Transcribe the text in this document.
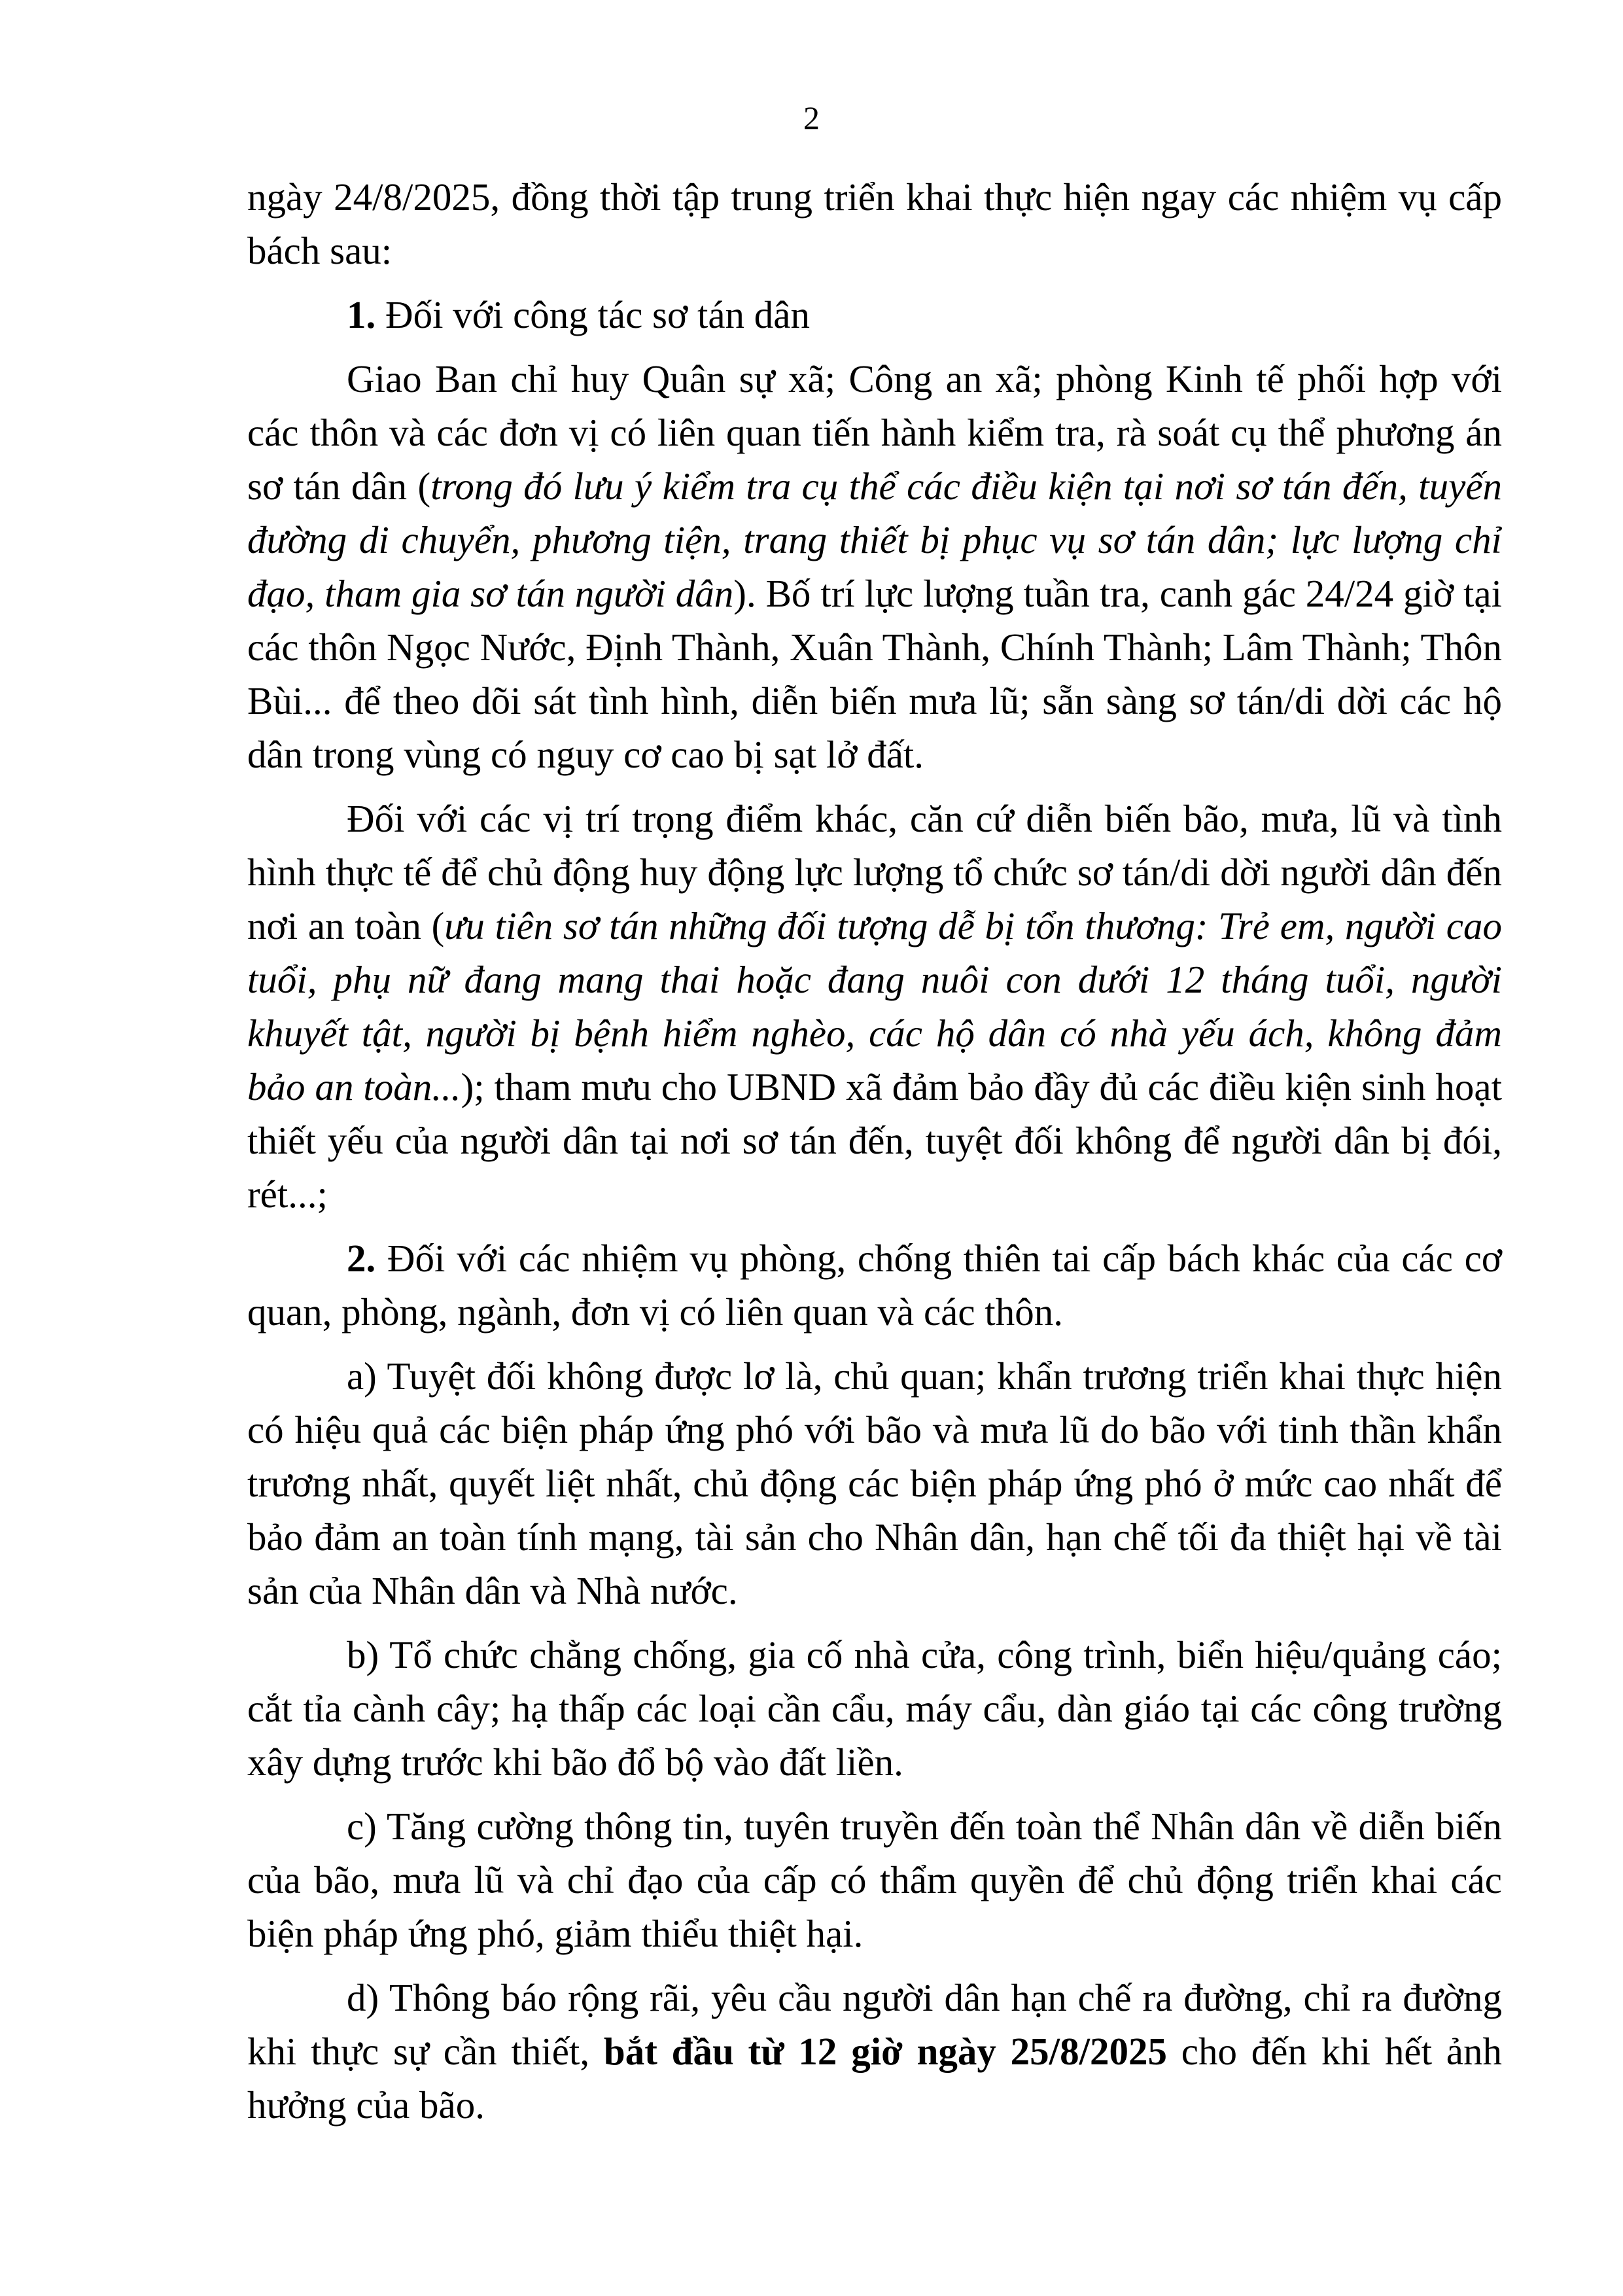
2

ngày 24/8/2025, đồng thời tập trung triển khai thực hiện ngay các nhiệm vụ cấp bách sau:

1. Đối với công tác sơ tán dân

Giao Ban chỉ huy Quân sự xã; Công an xã; phòng Kinh tế phối hợp với các thôn và các đơn vị có liên quan tiến hành kiểm tra, rà soát cụ thể phương án sơ tán dân (trong đó lưu ý kiểm tra cụ thể các điều kiện tại nơi sơ tán đến, tuyến đường di chuyển, phương tiện, trang thiết bị phục vụ sơ tán dân; lực lượng chỉ đạo, tham gia sơ tán người dân). Bố trí lực lượng tuần tra, canh gác 24/24 giờ tại các thôn Ngọc Nước, Định Thành, Xuân Thành, Chính Thành; Lâm Thành; Thôn Bùi... để theo dõi sát tình hình, diễn biến mưa lũ; sẵn sàng sơ tán/di dời các hộ dân trong vùng có nguy cơ cao bị sạt lở đất.

Đối với các vị trí trọng điểm khác, căn cứ diễn biến bão, mưa, lũ và tình hình thực tế để chủ động huy động lực lượng tổ chức sơ tán/di dời người dân đến nơi an toàn (ưu tiên sơ tán những đối tượng dễ bị tổn thương: Trẻ em, người cao tuổi, phụ nữ đang mang thai hoặc đang nuôi con dưới 12 tháng tuổi, người khuyết tật, người bị bệnh hiểm nghèo, các hộ dân có nhà yếu ách, không đảm bảo an toàn...); tham mưu cho UBND xã đảm bảo đầy đủ các điều kiện sinh hoạt thiết yếu của người dân tại nơi sơ tán đến, tuyệt đối không để người dân bị đói, rét...;

2. Đối với các nhiệm vụ phòng, chống thiên tai cấp bách khác của các cơ quan, phòng, ngành, đơn vị có liên quan và các thôn.

a) Tuyệt đối không được lơ là, chủ quan; khẩn trương triển khai thực hiện có hiệu quả các biện pháp ứng phó với bão và mưa lũ do bão với tinh thần khẩn trương nhất, quyết liệt nhất, chủ động các biện pháp ứng phó ở mức cao nhất để bảo đảm an toàn tính mạng, tài sản cho Nhân dân, hạn chế tối đa thiệt hại về tài sản của Nhân dân và Nhà nước.

b) Tổ chức chằng chống, gia cố nhà cửa, công trình, biển hiệu/quảng cáo; cắt tỉa cành cây; hạ thấp các loại cần cẩu, máy cẩu, dàn giáo tại các công trường xây dựng trước khi bão đổ bộ vào đất liền.

c) Tăng cường thông tin, tuyên truyền đến toàn thể Nhân dân về diễn biến của bão, mưa lũ và chỉ đạo của cấp có thẩm quyền để chủ động triển khai các biện pháp ứng phó, giảm thiểu thiệt hại.

d) Thông báo rộng rãi, yêu cầu người dân hạn chế ra đường, chỉ ra đường khi thực sự cần thiết, bắt đầu từ 12 giờ ngày 25/8/2025 cho đến khi hết ảnh hưởng của bão.
